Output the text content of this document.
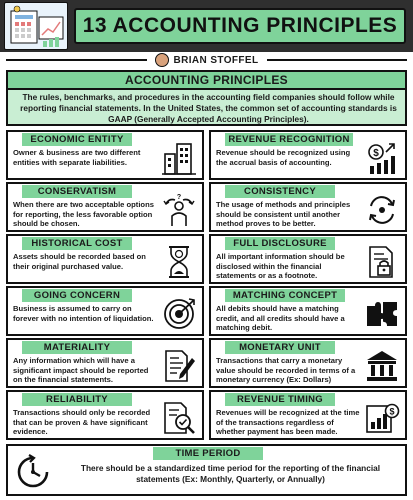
13 ACCOUNTING PRINCIPLES
BRIAN STOFFEL
ACCOUNTING PRINCIPLES
The rules, benchmarks, and procedures in the accounting field companies should follow while reporting financial statements. In the United States, the common set of accounting standards is GAAP (Generally Accepted Accounting Principles).
ECONOMIC ENTITY
Owner & business are two different entities with separate liabilities.
REVENUE RECOGNITION
Revenue should be recognized using the accrual basis of accounting.
$
CONSERVATISM
When there are two acceptable options for reporting, the less favorable option should be chosen.
?
CONSISTENCY
The usage of methods and principles should be consistent until another method proves to be better.
HISTORICAL COST
Assets should be recorded based on their original purchased value.
FULL DISCLOSURE
All important information should be disclosed within the financial statements or as a footnote.
GOING CONCERN
Business is assumed to carry on forever with no intention of liquidation.
MATCHING CONCEPT
All debits should have a matching credit, and all credits should have a matching debit.
MATERIALITY
Any information which will have a significant impact should be reported on the financial statements.
MONETARY UNIT
Transactions that carry a monetary value should be recorded in terms of a monetary currency (Ex: Dollars)
RELIABILITY
Transactions should only be recorded that can be proven & have significant evidence.
REVENUE TIMING
Revenues will be recognized at the time of the transactions regardless of whether payment has been made.
$
TIME PERIOD
There should be a standardized time period for the reporting of the financial statements (Ex: Monthly, Quarterly, or Annually)
